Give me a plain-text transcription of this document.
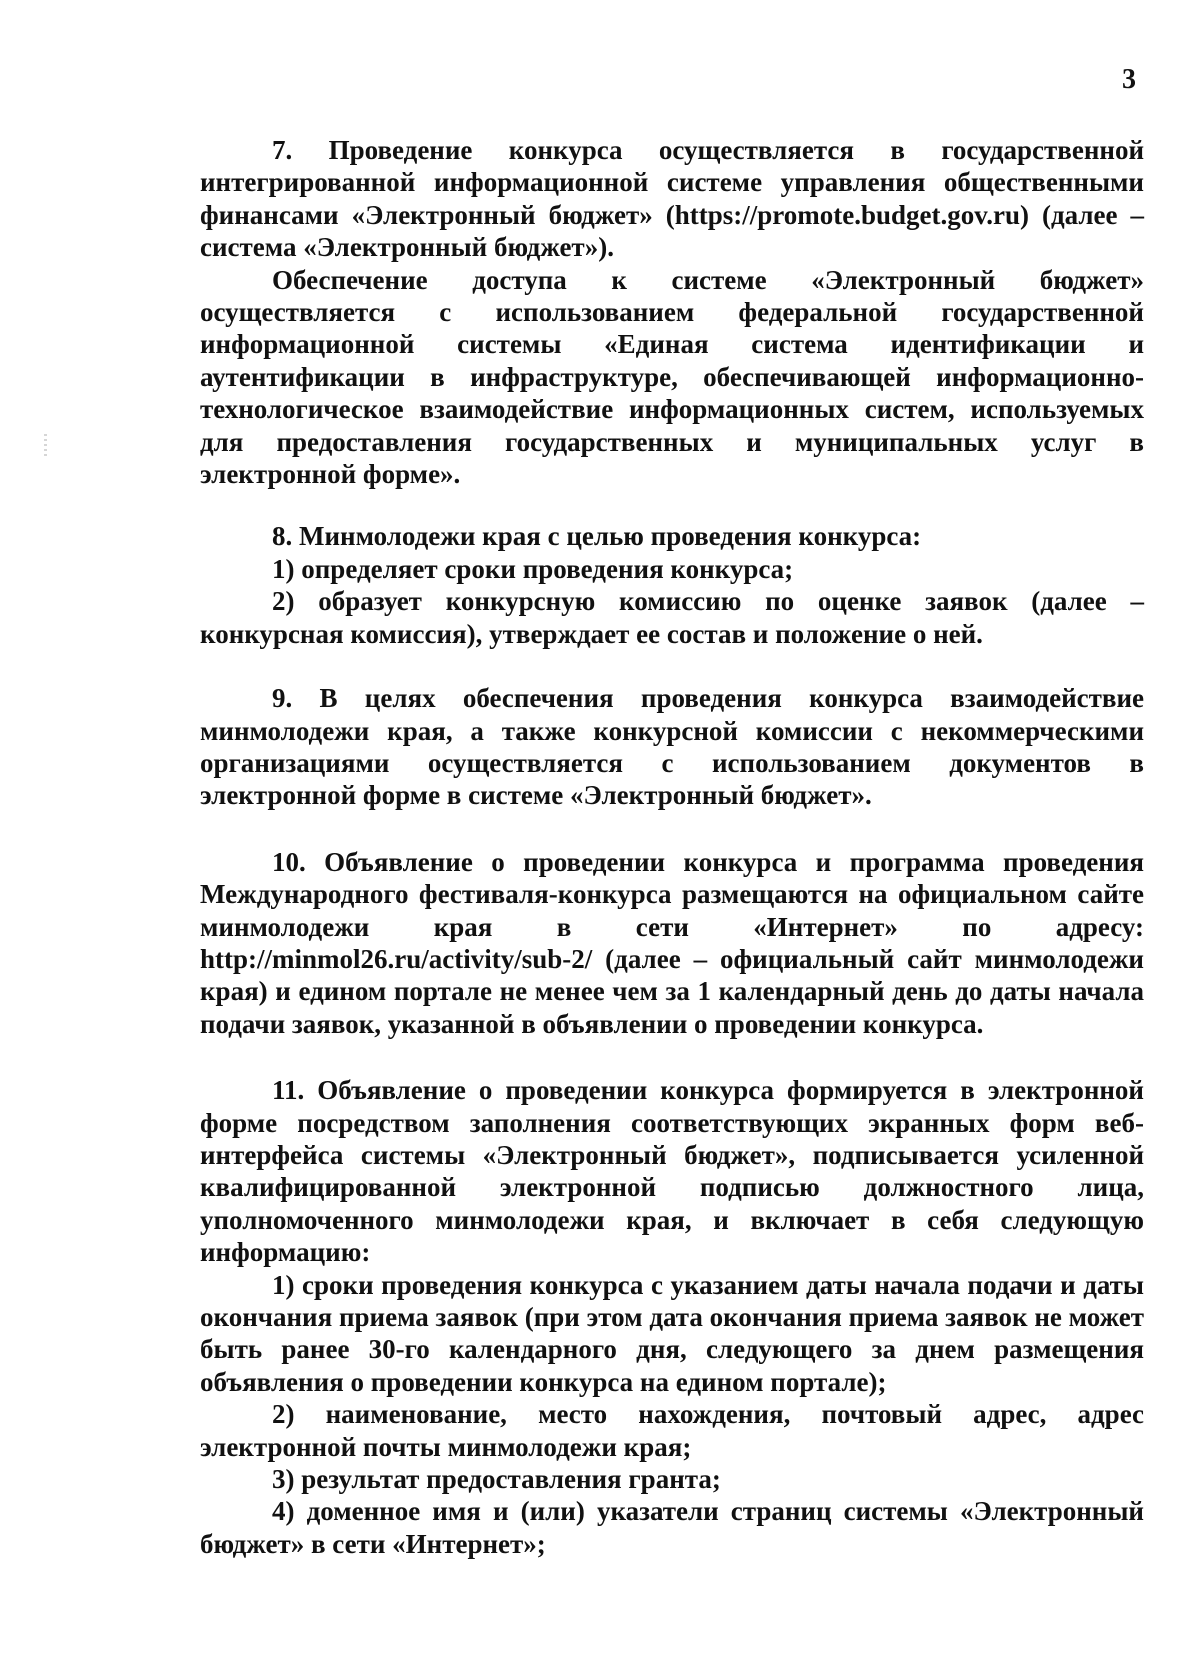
3

7. Проведение конкурса осуществляется в государственной интегрированной информационной системе управления общественными финансами «Электронный бюджет» (https://promote.budget.gov.ru) (далее – система «Электронный бюджет»).

Обеспечение доступа к системе «Электронный бюджет» осуществляется с использованием федеральной государственной информационной системы «Единая система идентификации и аутентификации в инфраструктуре, обеспечивающей информационно-технологическое взаимодействие информационных систем, используемых для предоставления государственных и муниципальных услуг в электронной форме».

8. Минмолодежи края с целью проведения конкурса:

1) определяет сроки проведения конкурса;

2) образует конкурсную комиссию по оценке заявок (далее – конкурсная комиссия), утверждает ее состав и положение о ней.

9. В целях обеспечения проведения конкурса взаимодействие минмолодежи края, а также конкурсной комиссии с некоммерческими организациями осуществляется с использованием документов в электронной форме в системе «Электронный бюджет».

10. Объявление о проведении конкурса и программа проведения Международного фестиваля-конкурса размещаются на официальном сайте минмолодежи края в сети «Интернет» по адресу: http://minmol26.ru/activity/sub-2/ (далее – официальный сайт минмолодежи края) и едином портале не менее чем за 1 календарный день до даты начала подачи заявок, указанной в объявлении о проведении конкурса.

11. Объявление о проведении конкурса формируется в электронной форме посредством заполнения соответствующих экранных форм веб-интерфейса системы «Электронный бюджет», подписывается усиленной квалифицированной электронной подписью должностного лица, уполномоченного минмолодежи края, и включает в себя следующую информацию:

1) сроки проведения конкурса с указанием даты начала подачи и даты окончания приема заявок (при этом дата окончания приема заявок не может быть ранее 30-го календарного дня, следующего за днем размещения объявления о проведении конкурса на едином портале);

2) наименование, место нахождения, почтовый адрес, адрес электронной почты минмолодежи края;

3) результат предоставления гранта;

4) доменное имя и (или) указатели страниц системы «Электронный бюджет» в сети «Интернет»;
